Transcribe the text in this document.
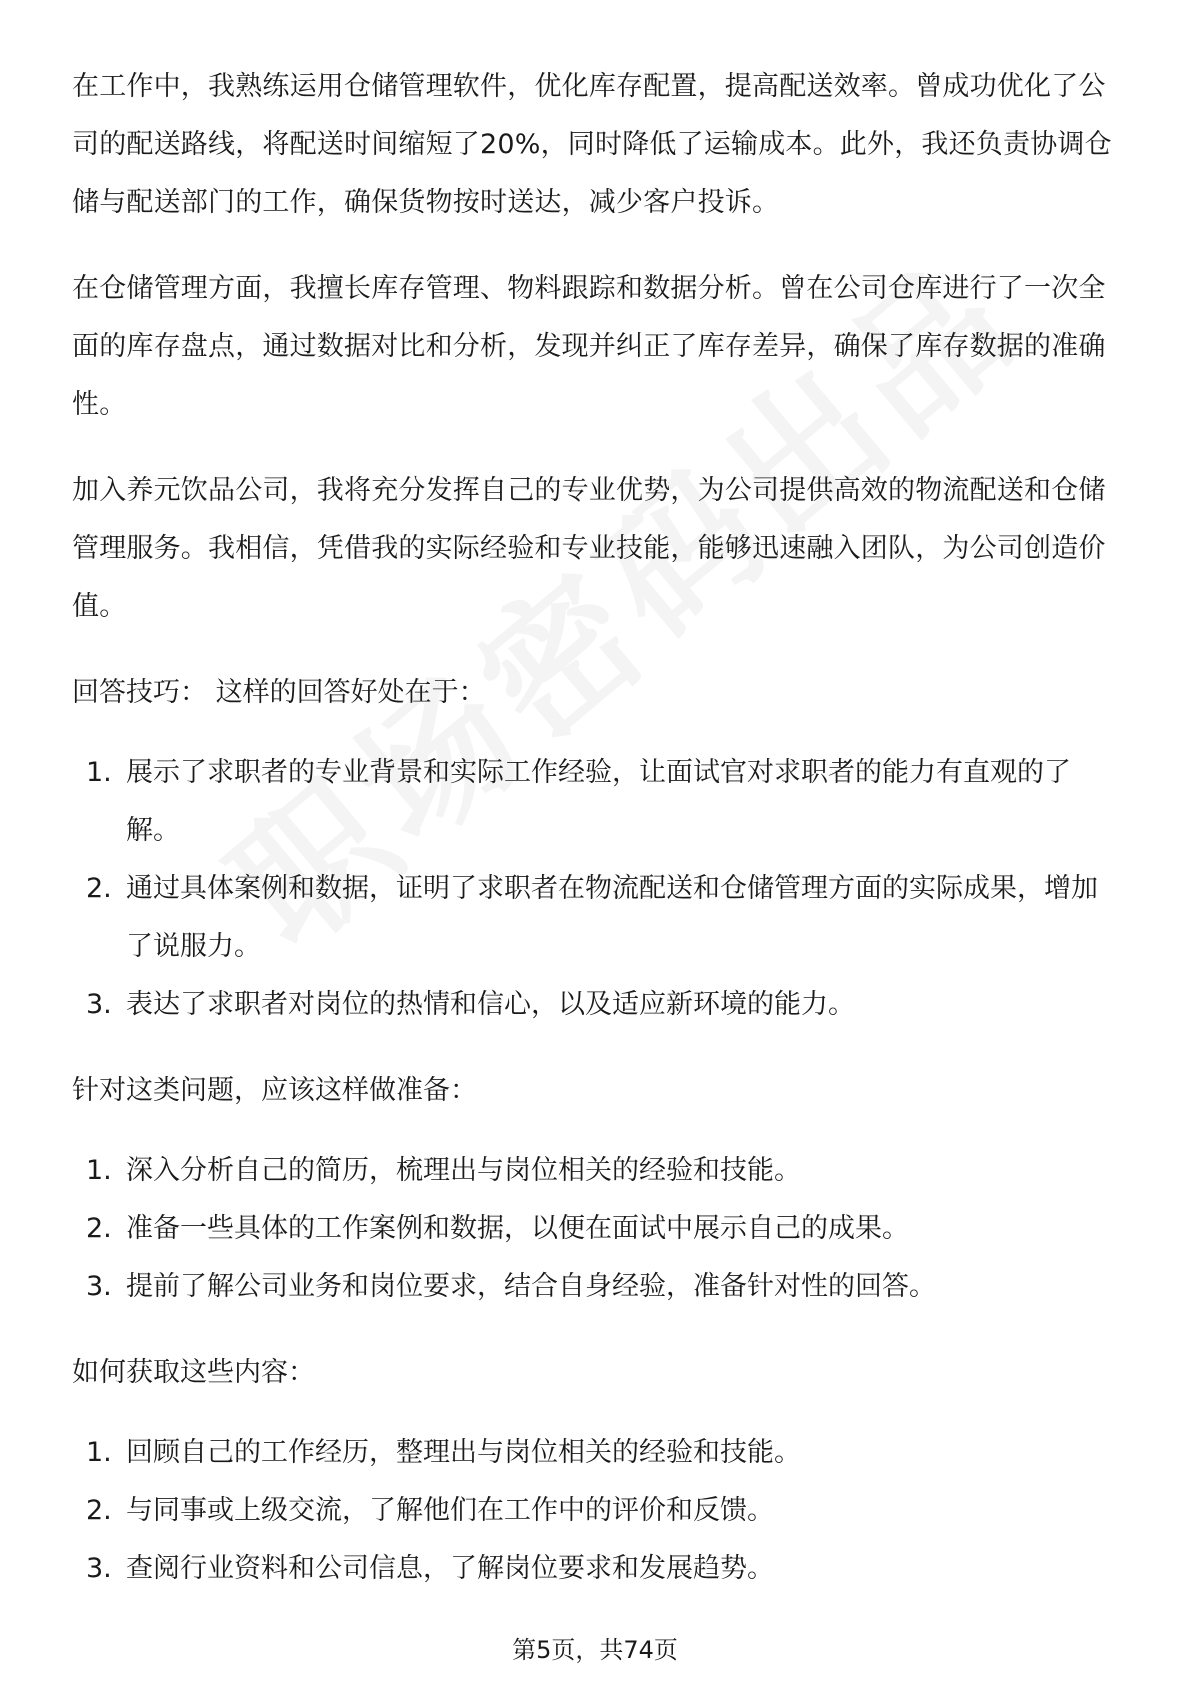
在工作中，我熟练运用仓储管理软件，优化库存配置，提高配送效率。曾成功优化了公司的配送路线，将配送时间缩短了20%，同时降低了运输成本。此外，我还负责协调仓储与配送部门的工作，确保货物按时送达，减少客户投诉。

在仓储管理方面，我擅长库存管理、物料跟踪和数据分析。曾在公司仓库进行了一次全面的库存盘点，通过数据对比和分析，发现并纠正了库存差异，确保了库存数据的准确性。

加入养元饮品公司，我将充分发挥自己的专业优势，为公司提供高效的物流配送和仓储管理服务。我相信，凭借我的实际经验和专业技能，能够迅速融入团队，为公司创造价值。

回答技巧： 这样的回答好处在于：

1. 展示了求职者的专业背景和实际工作经验，让面试官对求职者的能力有直观的了解。
2. 通过具体案例和数据，证明了求职者在物流配送和仓储管理方面的实际成果，增加了说服力。
3. 表达了求职者对岗位的热情和信心，以及适应新环境的能力。

针对这类问题，应该这样做准备：

1. 深入分析自己的简历，梳理出与岗位相关的经验和技能。
2. 准备一些具体的工作案例和数据，以便在面试中展示自己的成果。
3. 提前了解公司业务和岗位要求，结合自身经验，准备针对性的回答。

如何获取这些内容：

1. 回顾自己的工作经历，整理出与岗位相关的经验和技能。
2. 与同事或上级交流，了解他们在工作中的评价和反馈。
3. 查阅行业资料和公司信息，了解岗位要求和发展趋势。
第5页，共74页
